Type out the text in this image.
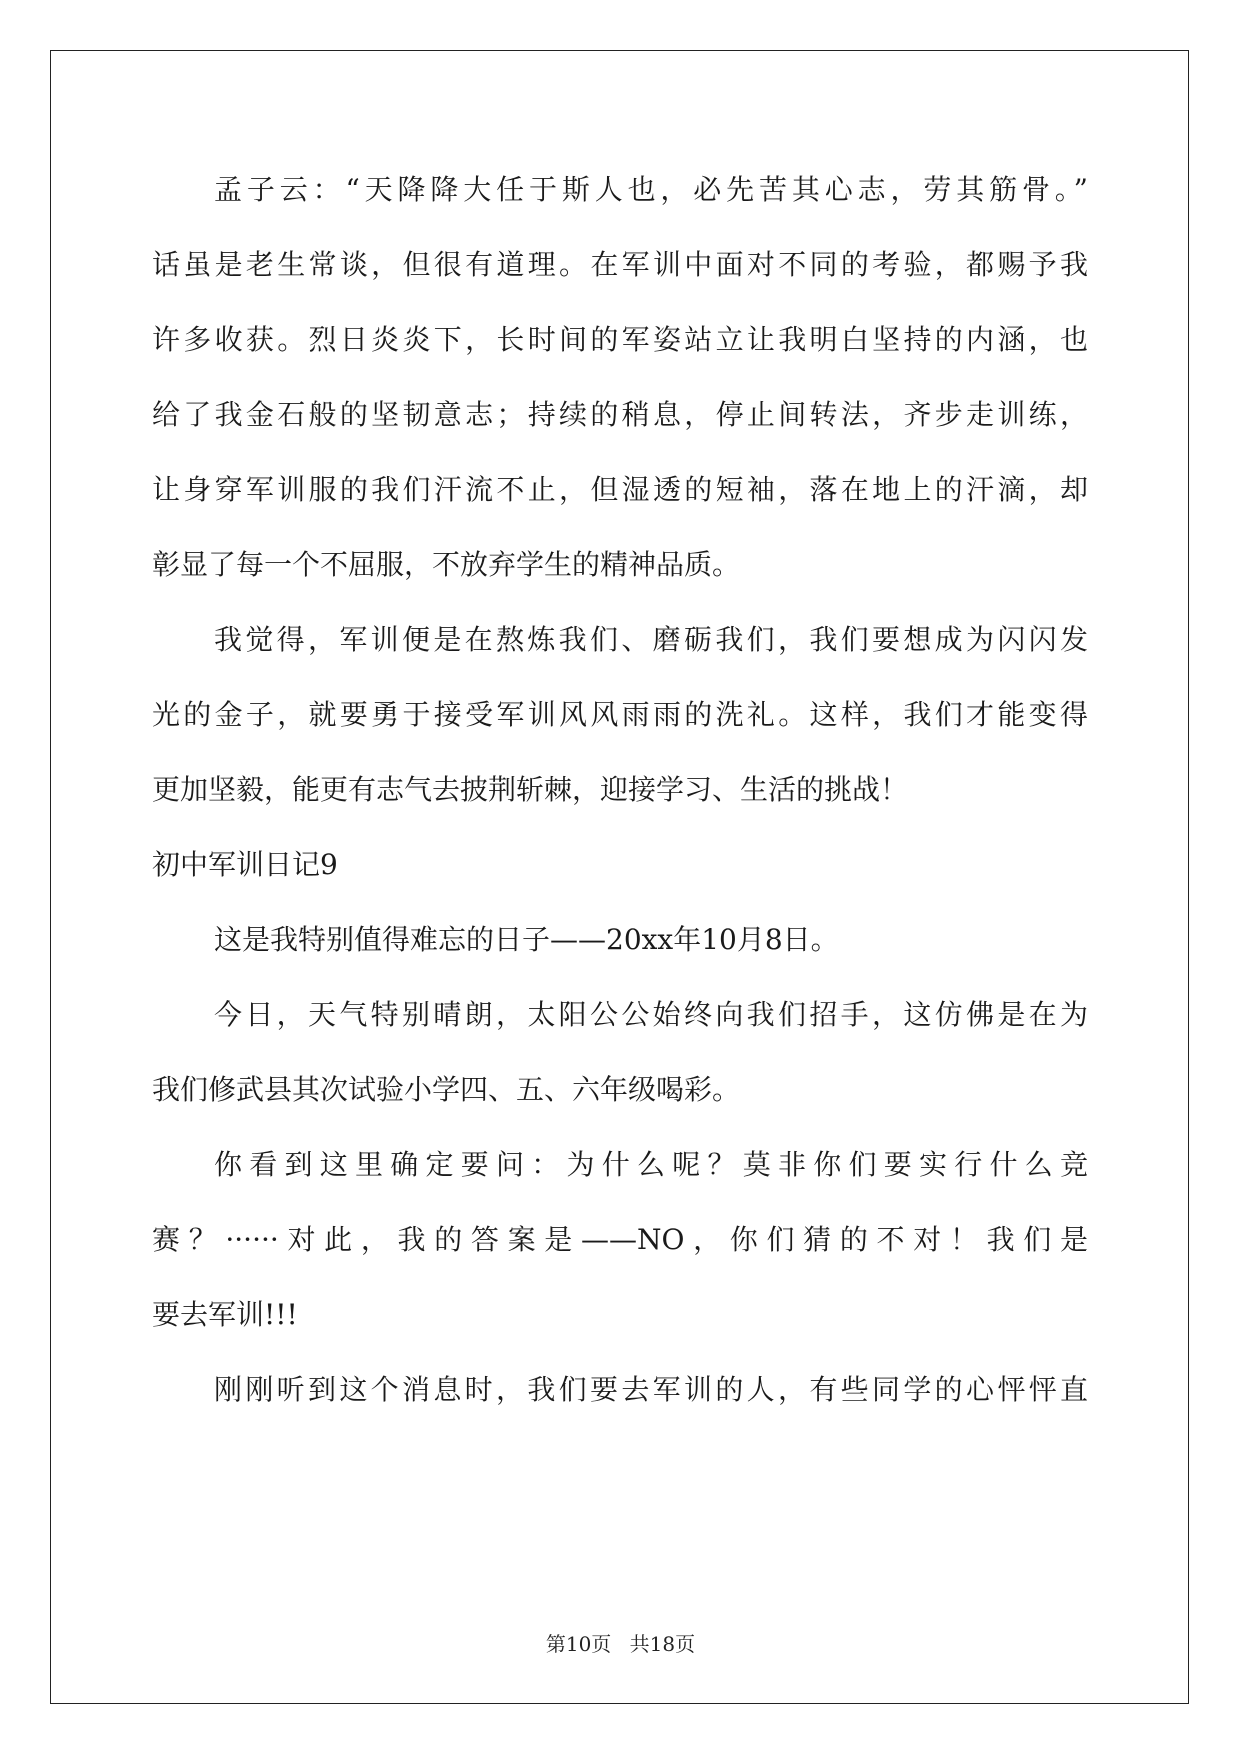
孟子云：“天降降大任于斯人也，必先苦其心志，劳其筋骨。”

话虽是老生常谈，但很有道理。在军训中面对不同的考验，都赐予我

许多收获。烈日炎炎下，长时间的军姿站立让我明白坚持的内涵，也

给了我金石般的坚韧意志；持续的稍息，停止间转法，齐步走训练，

让身穿军训服的我们汗流不止，但湿透的短袖，落在地上的汗滴，却

彰显了每一个不屈服，不放弃学生的精神品质。

我觉得，军训便是在熬炼我们、磨砺我们，我们要想成为闪闪发

光的金子，就要勇于接受军训风风雨雨的洗礼。这样，我们才能变得

更加坚毅，能更有志气去披荆斩棘，迎接学习、生活的挑战！

初中军训日记9

这是我特别值得难忘的日子——20xx年10月8日。

今日，天气特别晴朗，太阳公公始终向我们招手，这仿佛是在为

我们修武县其次试验小学四、五、六年级喝彩。

你看到这里确定要问：为什么呢？莫非你们要实行什么竞

赛？······对此，我的答案是——NO，你们猜的不对！我们是

要去军训!!!

刚刚听到这个消息时，我们要去军训的人，有些同学的心怦怦直

第10页 共18页
